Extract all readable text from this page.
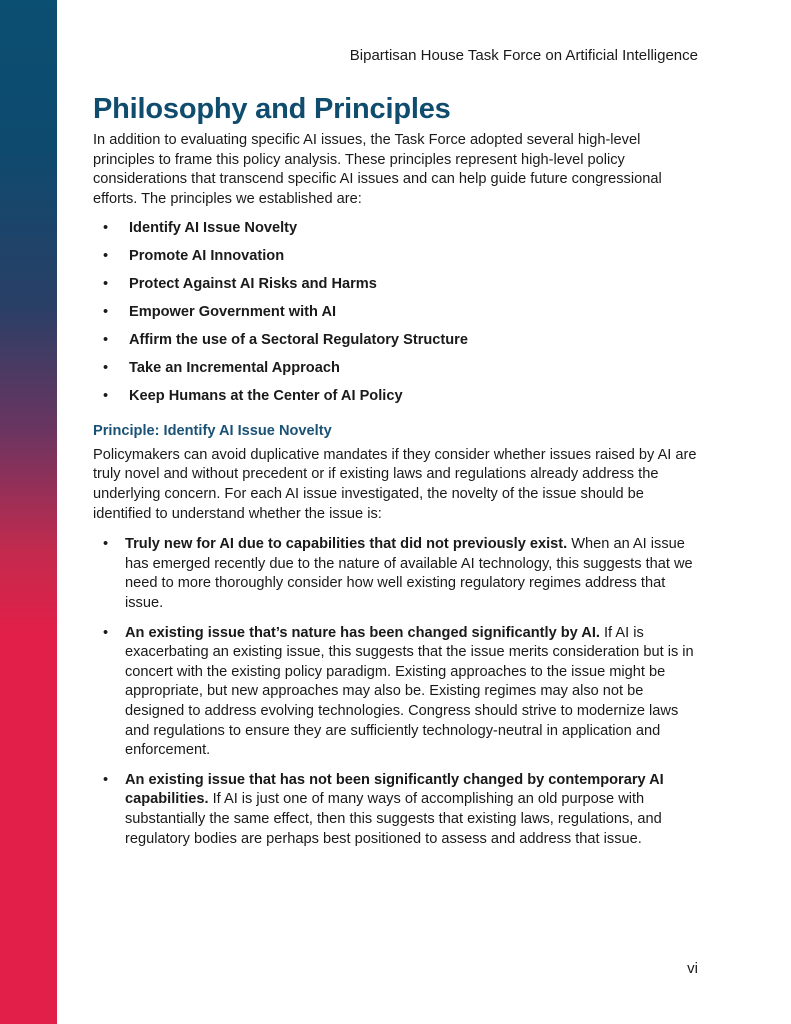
Bipartisan House Task Force on Artificial Intelligence
Philosophy and Principles

In addition to evaluating specific AI issues, the Task Force adopted several high-level principles to frame this policy analysis. These principles represent high-level policy considerations that transcend specific AI issues and can help guide future congressional efforts. The principles we established are:

• Identify AI Issue Novelty
• Promote AI Innovation
• Protect Against AI Risks and Harms
• Empower Government with AI
• Affirm the use of a Sectoral Regulatory Structure
• Take an Incremental Approach
• Keep Humans at the Center of AI Policy
Principle: Identify AI Issue Novelty

Policymakers can avoid duplicative mandates if they consider whether issues raised by AI are truly novel and without precedent or if existing laws and regulations already address the underlying concern. For each AI issue investigated, the novelty of the issue should be identified to understand whether the issue is:

• Truly new for AI due to capabilities that did not previously exist. When an AI issue has emerged recently due to the nature of available AI technology, this suggests that we need to more thoroughly consider how well existing regulatory regimes address that issue.
• An existing issue that’s nature has been changed significantly by AI. If AI is exacerbating an existing issue, this suggests that the issue merits consideration but is in concert with the existing policy paradigm. Existing approaches to the issue might be appropriate, but new approaches may also be. Existing regimes may also not be designed to address evolving technologies. Congress should strive to modernize laws and regulations to ensure they are sufficiently technology-neutral in application and enforcement.
• An existing issue that has not been significantly changed by contemporary AI capabilities. If AI is just one of many ways of accomplishing an old purpose with substantially the same effect, then this suggests that existing laws, regulations, and regulatory bodies are perhaps best positioned to assess and address that issue.
vi
